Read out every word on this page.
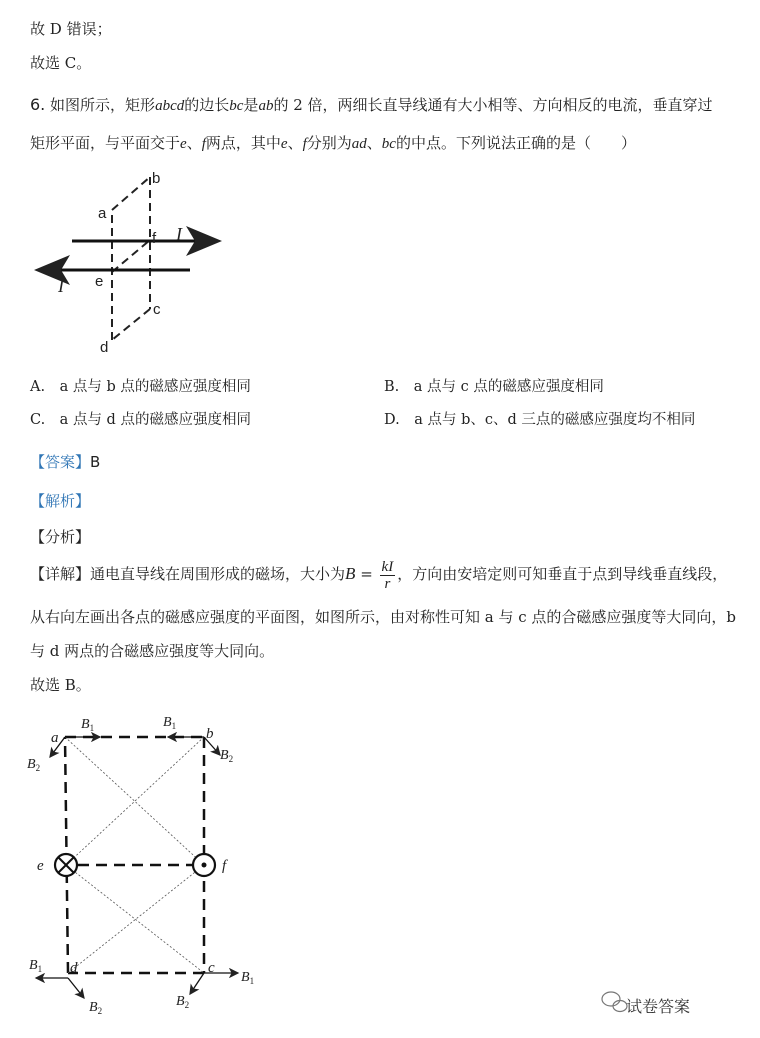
故 D 错误；
故选 C。
6. 如图所示，矩形abcd的边长bc是ab的 2 倍，两细长直导线通有大小相等、方向相反的电流，垂直穿过
矩形平面，与平面交于e、f两点，其中e、f分别为ad、bc的中点。下列说法正确的是（　　）
b
a
f
e
c
d
I
I
A.　a 点与 b 点的磁感应强度相同	B.　a 点与 c 点的磁感应强度相同
C.　a 点与 d 点的磁感应强度相同	D.　a 点与 b、c、d 三点的磁感应强度均不相同
【答案】B
【解析】
【分析】
【详解】通电直导线在周围形成的磁场，大小为$B = \frac{kI}{r}$ ，方向由安培定则可知垂直于点到导线垂直线段，
从右向左画出各点的磁感应强度的平面图，如图所示，由对称性可知 a 与 c 点的合磁感应强度等大同向，b
与 d 两点的合磁感应强度等大同向。
故选 B。
a	b
c
d
e	f
$B_1$
$B_2$
$B_1$
$B_2$
$B_1$
$B_2$
$B_1$
$B_2$	试卷答案
